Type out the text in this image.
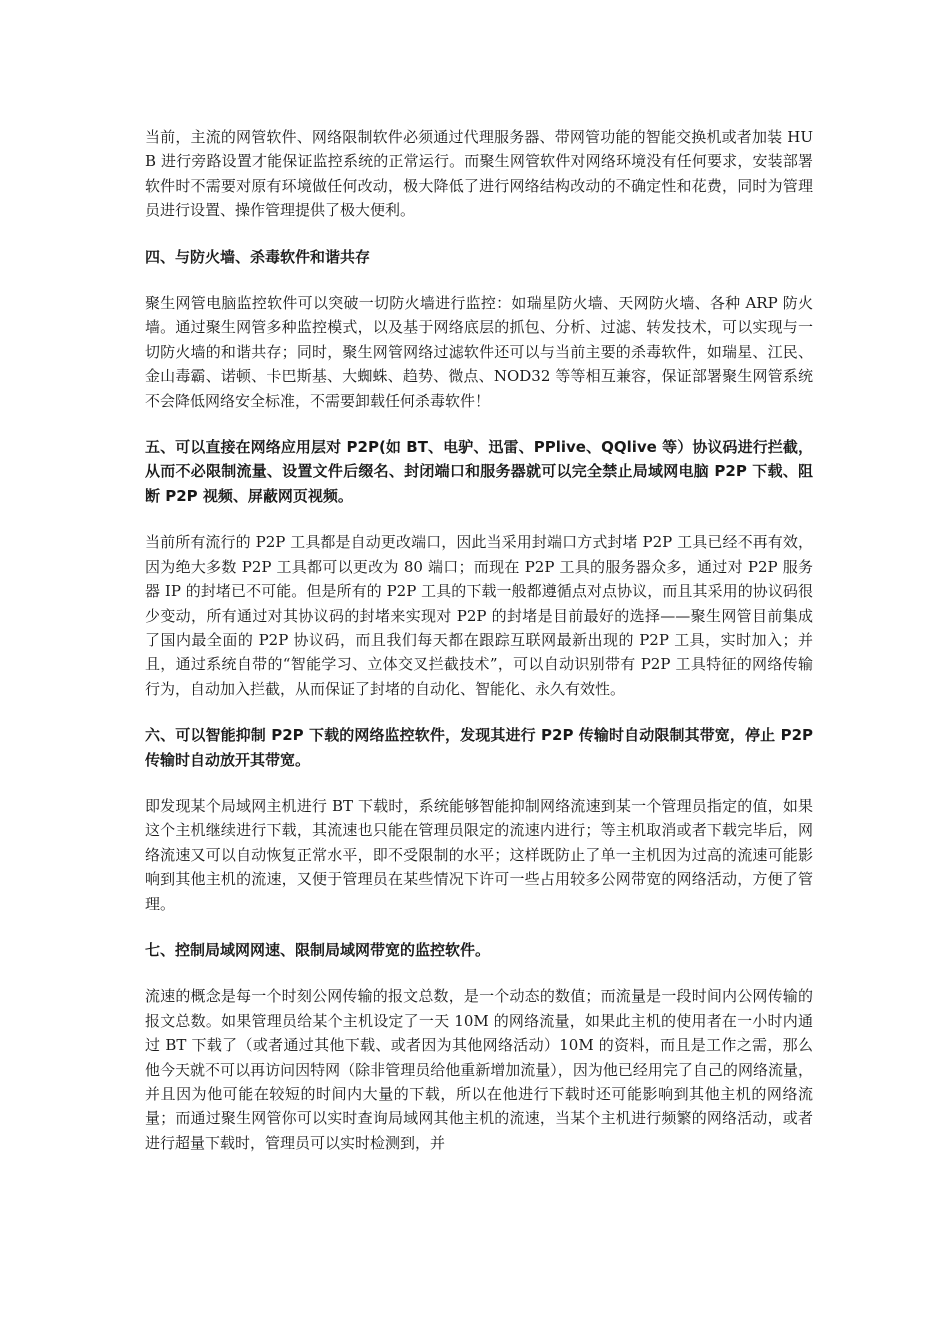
当前，主流的网管软件、网络限制软件必须通过代理服务器、带网管功能的智能交换机或者加装 HUB 进行旁路设置才能保证监控系统的正常运行。而聚生网管软件对网络环境没有任何要求，安装部署软件时不需要对原有环境做任何改动，极大降低了进行网络结构改动的不确定性和花费，同时为管理员进行设置、操作管理提供了极大便利。

四、与防火墙、杀毒软件和谐共存

聚生网管电脑监控软件可以突破一切防火墙进行监控：如瑞星防火墙、天网防火墙、各种 ARP 防火墙。通过聚生网管多种监控模式，以及基于网络底层的抓包、分析、过滤、转发技术，可以实现与一切防火墙的和谐共存；同时，聚生网管网络过滤软件还可以与当前主要的杀毒软件，如瑞星、江民、金山毒霸、诺顿、卡巴斯基、大蜘蛛、趋势、微点、NOD32 等等相互兼容，保证部署聚生网管系统不会降低网络安全标准，不需要卸载任何杀毒软件！

五、可以直接在网络应用层对 P2P(如 BT、电驴、迅雷、PPlive、QQlive 等）协议码进行拦截，从而不必限制流量、设置文件后缀名、封闭端口和服务器就可以完全禁止局域网电脑 P2P 下载、阻断 P2P 视频、屏蔽网页视频。

当前所有流行的 P2P 工具都是自动更改端口，因此当采用封端口方式封堵 P2P 工具已经不再有效，因为绝大多数 P2P 工具都可以更改为 80 端口；而现在 P2P 工具的服务器众多，通过对 P2P 服务器 IP 的封堵已不可能。但是所有的 P2P 工具的下载一般都遵循点对点协议，而且其采用的协议码很少变动，所有通过对其协议码的封堵来实现对 P2P 的封堵是目前最好的选择——聚生网管目前集成了国内最全面的 P2P 协议码，而且我们每天都在跟踪互联网最新出现的 P2P 工具，实时加入；并且，通过系统自带的“智能学习、立体交叉拦截技术”，可以自动识别带有 P2P 工具特征的网络传输行为，自动加入拦截，从而保证了封堵的自动化、智能化、永久有效性。

六、可以智能抑制 P2P 下载的网络监控软件，发现其进行 P2P 传输时自动限制其带宽，停止 P2P 传输时自动放开其带宽。

即发现某个局域网主机进行 BT 下载时，系统能够智能抑制网络流速到某一个管理员指定的值，如果这个主机继续进行下载，其流速也只能在管理员限定的流速内进行；等主机取消或者下载完毕后，网络流速又可以自动恢复正常水平，即不受限制的水平；这样既防止了单一主机因为过高的流速可能影响到其他主机的流速，又便于管理员在某些情况下许可一些占用较多公网带宽的网络活动，方便了管理。

七、控制局域网网速、限制局域网带宽的监控软件。

流速的概念是每一个时刻公网传输的报文总数，是一个动态的数值；而流量是一段时间内公网传输的报文总数。如果管理员给某个主机设定了一天 10M 的网络流量，如果此主机的使用者在一小时内通过 BT 下载了（或者通过其他下载、或者因为其他网络活动）10M 的资料，而且是工作之需，那么他今天就不可以再访问因特网（除非管理员给他重新增加流量），因为他已经用完了自己的网络流量，并且因为他可能在较短的时间内大量的下载，所以在他进行下载时还可能影响到其他主机的网络流量；而通过聚生网管你可以实时查询局域网其他主机的流速，当某个主机进行频繁的网络活动，或者进行超量下载时，管理员可以实时检测到，并
